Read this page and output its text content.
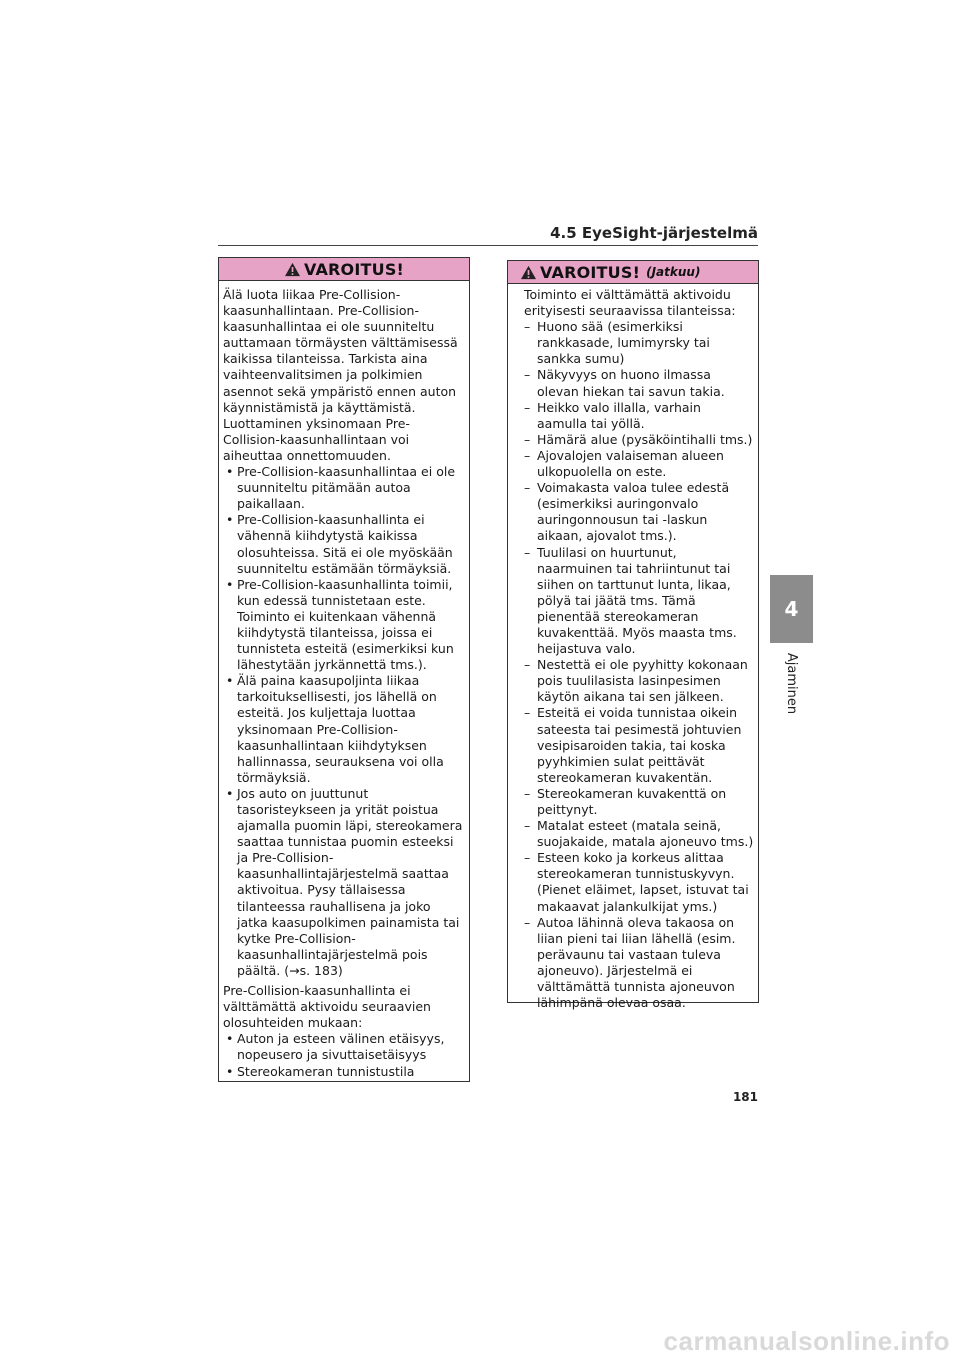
4.5 EyeSight-järjestelmä
VAROITUS!

Älä luota liikaa Pre-Collision-kaasunhallintaan. Pre-Collision-kaasunhallintaa ei ole suunniteltu auttamaan törmäysten välttämisessä kaikissa tilanteissa. Tarkista aina vaihteenvalitsimen ja polkimien asennot sekä ympäristö ennen auton käynnistämistä ja käyttämistä.

Luottaminen yksinomaan Pre-Collision-kaasunhallintaan voi aiheuttaa onnettomuuden.

• Pre-Collision-kaasunhallintaa ei ole suunniteltu pitämään autoa paikallaan.
• Pre-Collision-kaasunhallinta ei vähennä kiihdytystä kaikissa olosuhteissa. Sitä ei ole myöskään suunniteltu estämään törmäyksiä.
• Pre-Collision-kaasunhallinta toimii, kun edessä tunnistetaan este. Toiminto ei kuitenkaan vähennä kiihdytystä tilanteissa, joissa ei tunnisteta esteitä (esimerkiksi kun lähestytään jyrkännettä tms.).
• Älä paina kaasupoljinta liikaa tarkoituksellisesti, jos lähellä on esteitä. Jos kuljettaja luottaa yksinomaan Pre-Collision-kaasunhallintaan kiihdytyksen hallinnassa, seurauksena voi olla törmäyksiä.
• Jos auto on juuttunut tasoristeykseen ja yrität poistua ajamalla puomin läpi, stereokamera saattaa tunnistaa puomin esteeksi ja Pre-Collision-kaasunhallintajärjestelmä saattaa aktivoitua. Pysy tällaisessa tilanteessa rauhallisena ja joko jatka kaasupolkimen painamista tai kytke Pre-Collision-kaasunhallintajärjestelmä pois päältä. (→s. 183)

Pre-Collision-kaasunhallinta ei välttämättä aktivoidu seuraavien olosuhteiden mukaan:

• Auton ja esteen välinen etäisyys, nopeusero ja sivuttaisetäisyys
• Stereokameran tunnistustila
VAROITUS! (Jatkuu)

Toiminto ei välttämättä aktivoidu erityisesti seuraavissa tilanteissa:

– Huono sää (esimerkiksi rankkasade, lumimyrsky tai sankka sumu)
– Näkyvyys on huono ilmassa olevan hiekan tai savun takia.
– Heikko valo illalla, varhain aamulla tai yöllä.
– Hämärä alue (pysäköintihalli tms.)
– Ajovalojen valaiseman alueen ulkopuolella on este.
– Voimakasta valoa tulee edestä (esimerkiksi auringonvalo auringonnousun tai -laskun aikaan, ajovalot tms.).
– Tuulilasi on huurtunut, naarmuinen tai tahriintunut tai siihen on tarttunut lunta, likaa, pölyä tai jäätä tms. Tämä pienentää stereokameran kuvakenttää. Myös maasta tms. heijastuva valo.
– Nestettä ei ole pyyhitty kokonaan pois tuulilasista lasinpesimen käytön aikana tai sen jälkeen.
– Esteitä ei voida tunnistaa oikein sateesta tai pesimestä johtuvien vesipisaroiden takia, tai koska pyyhkimien sulat peittävät stereokameran kuvakentän.
– Stereokameran kuvakenttä on peittynyt.
– Matalat esteet (matala seinä, suojakaide, matala ajoneuvo tms.)
– Esteen koko ja korkeus alittaa stereokameran tunnistuskyvyn. (Pienet eläimet, lapset, istuvat tai makaavat jalankulkijat yms.)
– Autoa lähinnä oleva takaosa on liian pieni tai liian lähellä (esim. perävaunu tai vastaan tuleva ajoneuvo). Järjestelmä ei välttämättä tunnista ajoneuvon lähimpänä olevaa osaa.
4
Ajaminen
181
carmanualsonline.info
